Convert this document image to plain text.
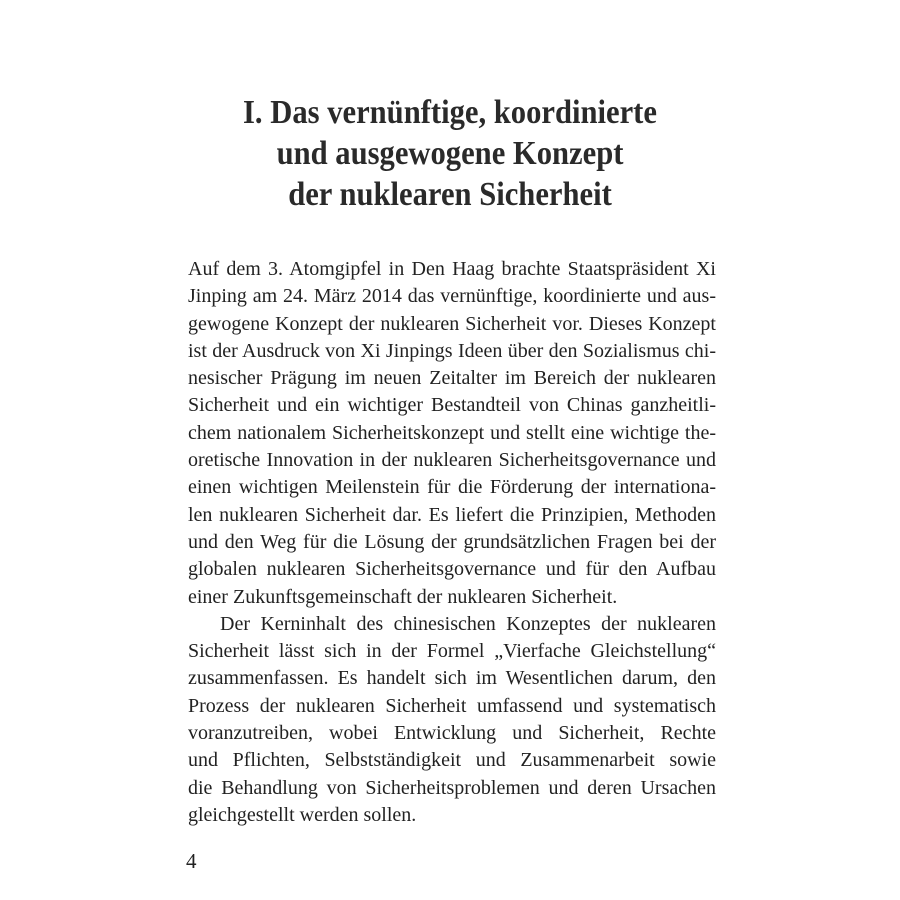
I. Das vernünftige, koordinierte
und ausgewogene Konzept
der nuklearen Sicherheit
Auf dem 3. Atomgipfel in Den Haag brachte Staatspräsident Xi
Jinping am 24. März 2014 das vernünftige, koordinierte und aus-
gewogene Konzept der nuklearen Sicherheit vor. Dieses Konzept
ist der Ausdruck von Xi Jinpings Ideen über den Sozialismus chi-
nesischer Prägung im neuen Zeitalter im Bereich der nuklearen
Sicherheit und ein wichtiger Bestandteil von Chinas ganzheitli-
chem nationalem Sicherheitskonzept und stellt eine wichtige the-
oretische Innovation in der nuklearen Sicherheitsgovernance und
einen wichtigen Meilenstein für die Förderung der internationa-
len nuklearen Sicherheit dar. Es liefert die Prinzipien, Methoden
und den Weg für die Lösung der grundsätzlichen Fragen bei der
globalen nuklearen Sicherheitsgovernance und für den Aufbau
einer Zukunftsgemeinschaft der nuklearen Sicherheit.
Der Kerninhalt des chinesischen Konzeptes der nuklearen
Sicherheit lässt sich in der Formel „Vierfache Gleichstellung“
zusammenfassen. Es handelt sich im Wesentlichen darum, den
Prozess der nuklearen Sicherheit umfassend und systematisch
voranzutreiben, wobei Entwicklung und Sicherheit, Rechte
und Pflichten, Selbstständigkeit und Zusammenarbeit sowie
die Behandlung von Sicherheitsproblemen und deren Ursachen
gleichgestellt werden sollen.
4
